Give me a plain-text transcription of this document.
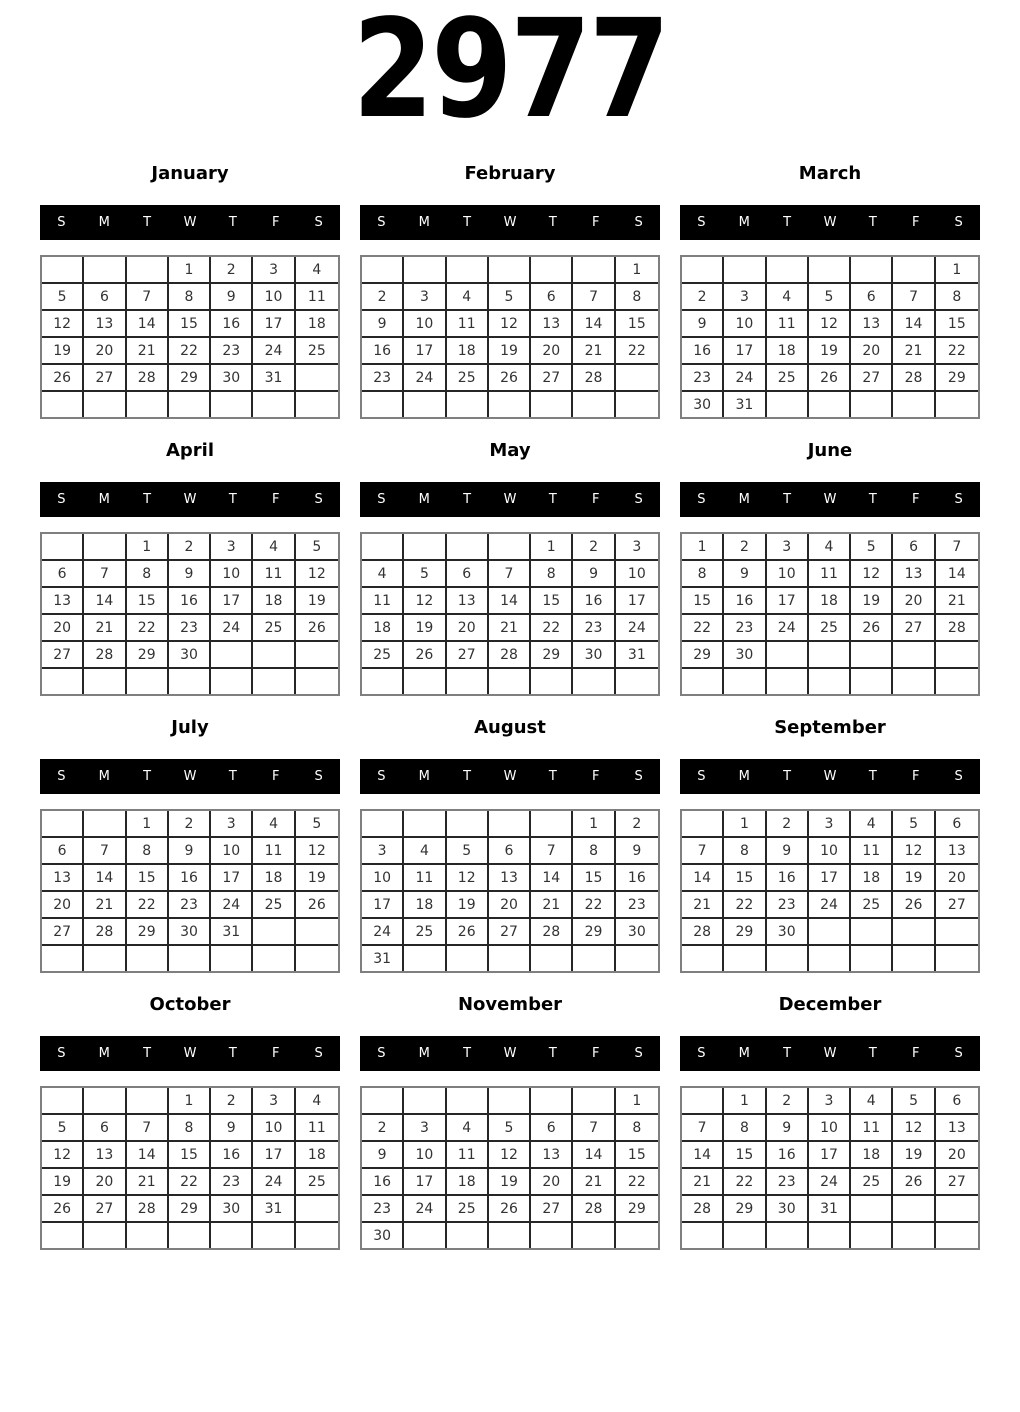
2977
January
S	M	T	W	T	F	S
			1	2	3	4
5	6	7	8	9	10	11
12	13	14	15	16	17	18
19	20	21	22	23	24	25
26	27	28	29	30	31	

February
S	M	T	W	T	F	S
						1
2	3	4	5	6	7	8
9	10	11	12	13	14	15
16	17	18	19	20	21	22
23	24	25	26	27	28	

March
S	M	T	W	T	F	S
						1
2	3	4	5	6	7	8
9	10	11	12	13	14	15
16	17	18	19	20	21	22
23	24	25	26	27	28	29
30	31					
April
S	M	T	W	T	F	S
		1	2	3	4	5
6	7	8	9	10	11	12
13	14	15	16	17	18	19
20	21	22	23	24	25	26
27	28	29	30			

May
S	M	T	W	T	F	S
				1	2	3
4	5	6	7	8	9	10
11	12	13	14	15	16	17
18	19	20	21	22	23	24
25	26	27	28	29	30	31

June
S	M	T	W	T	F	S
1	2	3	4	5	6	7
8	9	10	11	12	13	14
15	16	17	18	19	20	21
22	23	24	25	26	27	28
29	30					

July
S	M	T	W	T	F	S
		1	2	3	4	5
6	7	8	9	10	11	12
13	14	15	16	17	18	19
20	21	22	23	24	25	26
27	28	29	30	31		

August
S	M	T	W	T	F	S
					1	2
3	4	5	6	7	8	9
10	11	12	13	14	15	16
17	18	19	20	21	22	23
24	25	26	27	28	29	30
31						
September
S	M	T	W	T	F	S
	1	2	3	4	5	6
7	8	9	10	11	12	13
14	15	16	17	18	19	20
21	22	23	24	25	26	27
28	29	30				

October
S	M	T	W	T	F	S
			1	2	3	4
5	6	7	8	9	10	11
12	13	14	15	16	17	18
19	20	21	22	23	24	25
26	27	28	29	30	31	

November
S	M	T	W	T	F	S
						1
2	3	4	5	6	7	8
9	10	11	12	13	14	15
16	17	18	19	20	21	22
23	24	25	26	27	28	29
30						
December
S	M	T	W	T	F	S
	1	2	3	4	5	6
7	8	9	10	11	12	13
14	15	16	17	18	19	20
21	22	23	24	25	26	27
28	29	30	31			
